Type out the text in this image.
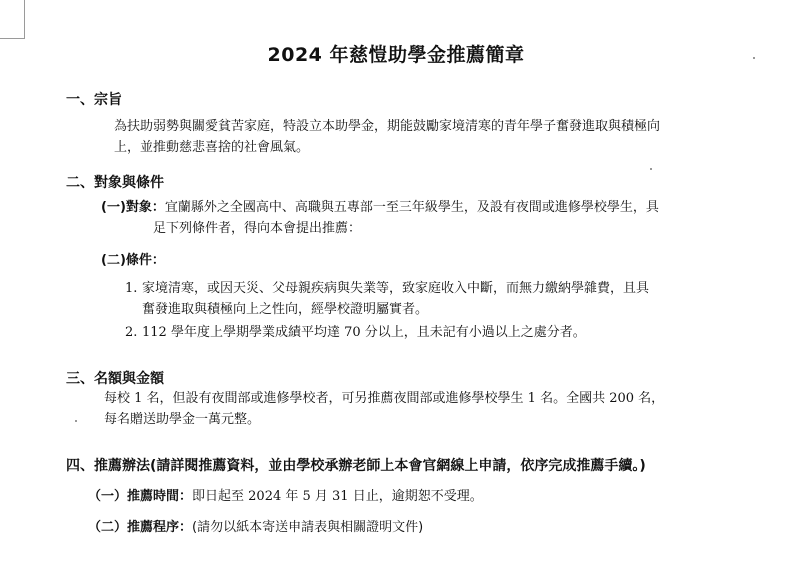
2024 年慈愷助學金推薦簡章
一、宗旨
為扶助弱勢與關愛貧苦家庭，特設立本助學金，期能鼓勵家境清寒的青年學子奮發進取與積極向
上，並推動慈悲喜捨的社會風氣。
二、對象與條件
(一)對象：宜蘭縣外之全國高中、高職與五專部一至三年級學生，及設有夜間或進修學校學生，具
足下列條件者，得向本會提出推薦：
(二)條件：
1. 家境清寒，或因天災、父母親疾病與失業等，致家庭收入中斷，而無力繳納學雜費，且具
奮發進取與積極向上之性向，經學校證明屬實者。
2. 112 學年度上學期學業成績平均達 70 分以上，且未記有小過以上之處分者。
三、名額與金額
每校 1 名，但設有夜間部或進修學校者，可另推薦夜間部或進修學校學生 1 名。全國共 200 名，
每名贈送助學金一萬元整。
四、推薦辦法(請詳閱推薦資料，並由學校承辦老師上本會官網線上申請，依序完成推薦手續。)
（一）推薦時間：即日起至 2024 年 5 月 31 日止，逾期恕不受理。
（二）推薦程序：(請勿以紙本寄送申請表與相關證明文件)
